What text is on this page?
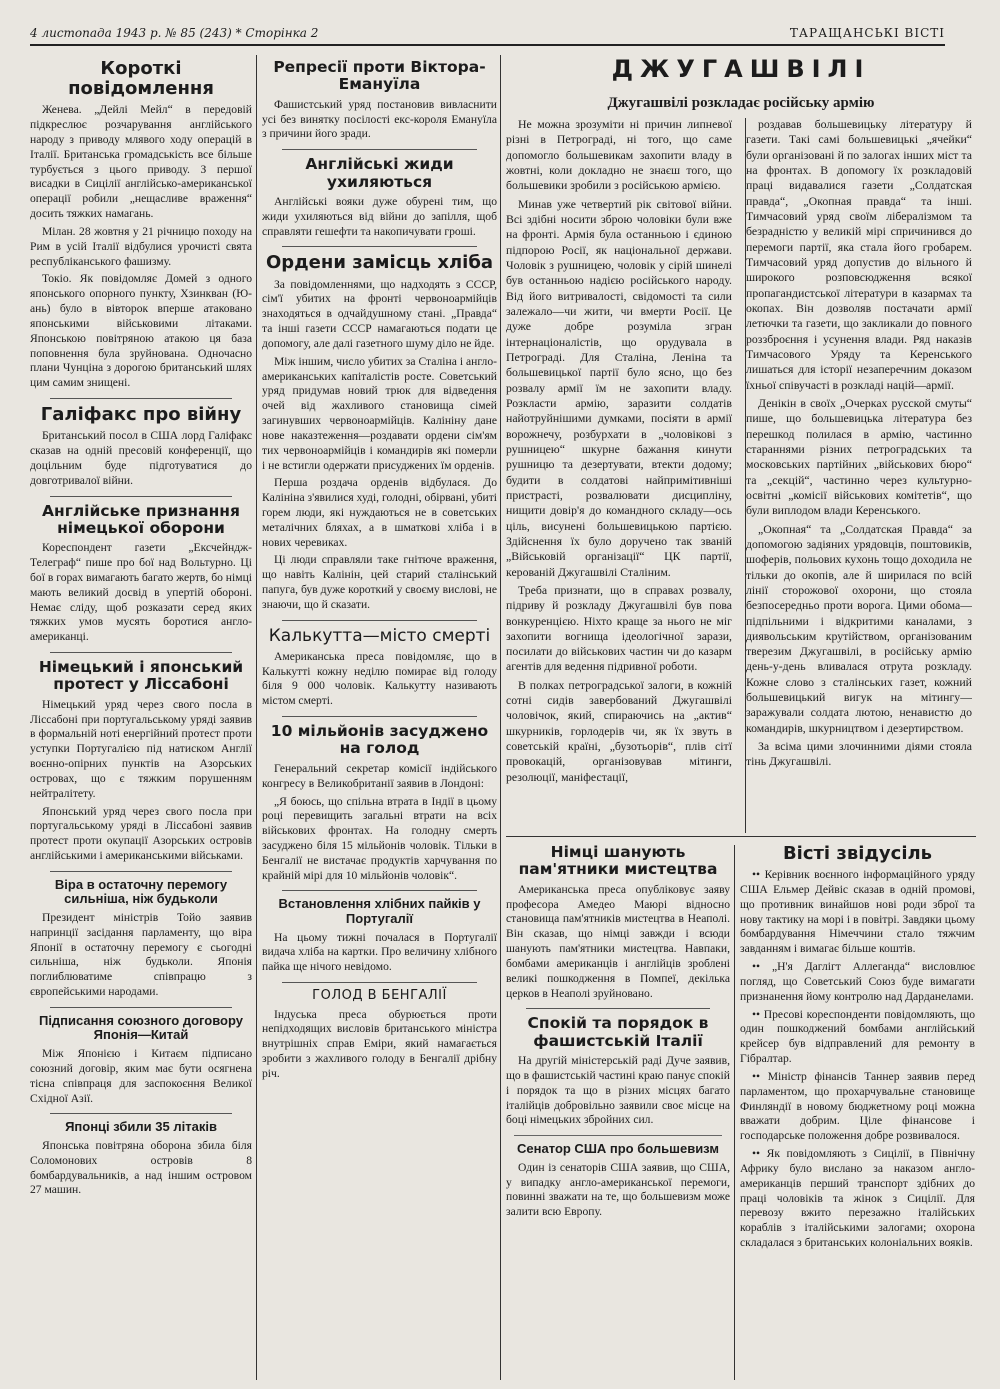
4 листопада 1943 р. № 85 (243) * Сторінка 2	ТАРАЩАНСЬКІ ВІСТІ
Короткі повідомлення

Женева. „Дейлі Мейл“ в передовій підкреслює розчарування англійського народу з приводу млявого ходу операцій в Італії. Британська громадськість все більше турбується з цього приводу. З першої висадки в Сицілії англійсько-американської операції робили „нещасливе враження“ досить тяжких намагань.

Мілан. 28 жовтня у 21 річницю походу на Рим в усій Італії відбулися урочисті свята республіканського фашизму.

Токіо. Як повідомляє Домей з одного японського опорного пункту, Хзинкван (Ю-ань) було в вівторок вперше атаковано японськими військовими літаками. Японською повітряною атакою ця база поповнення була зруйнована. Одночасно плани Чунціна з дорогою британський шлях цим самим знищені.

Галіфакс про війну

Британський посол в США лорд Галіфакс сказав на одній пресовій конференції, що доцільним буде підготуватися до довготривалої війни.

Англійське признання німецької оборони

Кореспондент газети „Ексчейндж-Телеграф“ пише про бої над Вольтурно. Ці бої в горах вимагають багато жертв, бо німці мають великий досвід в упертій обороні. Немає сліду, щоб розказати серед яких тяжких умов мусять боротися англо-американці.

Німецький і японський протест у Ліссабоні

Німецький уряд через свого посла в Ліссабоні при португальському уряді заявив в формальній ноті енергійний протест проти уступки Португалією під натиском Англії воєнно-опірних пунктів на Азорських островах, що є тяжким порушенням нейтралітету.

Японський уряд через свого посла при португальському уряді в Ліссабоні заявив протест проти окупації Азорських островів англійськими і американськими військами.

Віра в остаточну перемогу сильніша, ніж будьколи

Президент міністрів Тойо заявив напринції засідання парламенту, що віра Японії в остаточну перемогу є сьогодні сильніша, ніж будьколи. Японія поглиблюватиме співпрацю з європейськими народами.

Підписання союзного договору Японія—Китай

Між Японією і Китаєм підписано союзний договір, яким має бути осягнена тісна співпраця для заспокоєння Великої Східної Азії.

Японці збили 35 літаків

Японська повітряна оборона збила біля Соломонових островів 8 бомбардувальників, а над іншим островом 27 машин.

Репресії проти Віктора-Емануїла

Фашистський уряд постановив вивласнити усі без винятку посілості екс-короля Емануїла з причини його зради.

Англійські жиди ухиляються

Англійські вояки дуже обурені тим, що жиди ухиляються від війни до запілля, щоб справляти гешефти та накопичувати гроші.

Ордени замісць хліба

За повідомленнями, що надходять з СССР, сім'ї убитих на фронті червоноармійців знаходяться в одчайдушному стані. „Правда“ та інші газети СССР намагаються подати це допомогу, але далі газетного шуму діло не йде.

Між іншим, число убитих за Сталіна і англо-американських капіталістів росте. Советський уряд придумав новий трюк для відведення очей від жахливого становища сімей загинувших червоноармійців. Калініну дане нове наказтеження—роздавати ордени сім'ям тих червоноармійців і командирів які померли і не встигли одержати присуджених їм орденів.

Перша роздача орденів відбулася. До Калініна з'явилися худі, голодні, обірвані, убиті горем люди, які нуждаються не в советських металічних бляхах, а в шматкові хліба і в нових черевиках.

Ці люди справляли таке гнітюче враження, що навіть Калінін, цей старий сталінський папуга, був дуже короткий у своєму вислові, не знаючи, що й сказати.

Калькутта—місто смерті

Американська преса повідомляє, що в Калькутті кожну неділю помирає від голоду біля 9 000 чоловік. Калькутту називають містом смерті.

10 мільйонів засуджено на голод

Генеральний секретар комісії індійського конгресу в Великобританії заявив в Лондоні:

„Я боюсь, що спільна втрата в Індії в цьому році перевищить загальні втрати на всіх військових фронтах. На голодну смерть засуджено біля 15 мільйонів чоловік. Тільки в Бенгалії не вистачає продуктів харчування по крайній мірі для 10 мільйонів чоловік“.

Встановлення хлібних пайків у Португалії

На цьому тижні почалася в Португалії видача хліба на картки. Про величину хлібного пайка ще нічого невідомо.

ГОЛОД В БЕНГАЛІЇ

Індуська преса обурюється проти непідходящих висловів британського міністра внутрішніх справ Еміри, який намагається зробити з жахливого голоду в Бенгалії дрібну річ.

ДЖУГАШВІЛІ
Джугашвілі розкладає російську армію

Не можна зрозуміти ні причин липневої різні в Петрограді, ні того, що саме допомогло большевикам захопити владу в жовтні, коли докладно не знаєш того, що большевики зробили з російською армією.

Минав уже четвертий рік світової війни. Всі здібні носити зброю чоловіки були вже на фронті. Армія була останньою і єдиною підпорою Росії, як національної держави. Чоловік з рушницею, чоловік у сірій шинелі був останньою надією російського народу. Від його витривалості, свідомості та сили залежало—чи жити, чи вмерти Росії. Це дуже добре розуміла згран інтернаціоналістів, що орудувала в Петрограді. Для Сталіна, Леніна та большевицької партії було ясно, що без розвалу армії їм не захопити владу. Розкласти армію, заразити солдатів найотруйнішими думками, посіяти в армії ворожнечу, розбурхати в „чоловікові з рушницею“ шкурне бажання кинути рушницю та дезертувати, втекти додому; будити в солдатові найпримітивніші пристрасті, розвалювати дисципліну, нищити довір'я до командного складу—ось ціль, висунені большевицькою партією. Здійснення їх було доручено так званій „Військовій організації“ ЦК партії, керованій Джугашвілі Сталіним.

Треба признати, що в справах розвалу, підриву й розкладу Джугашвілі був пова вонкуренцією. Ніхто краще за нього не міг захопити вогнища ідеологічної зарази, посилати до військових частин чи до казарм агентів для ведення підривної роботи.

В полках петроградської залоги, в кожній сотні сидів завербований Джугашвілі чоловічок, який, спираючись на „актив“ шкурників, горлодерів чи, як їх звуть в советській країні, „бузотьорів“, плів сітї провокацій, організовував мітинги, резолюції, маніфестації,

роздавав большевицьку літературу й газети. Такі самі большевицькі „ячейки“ були організовані й по залогах інших міст та на фронтах. В допомогу їх розкладовій праці видавалися газети „Солдатская правда“, „Окопная правда“ та інші. Тимчасовий уряд своїм лібералізмом та безрадністю у великій мірі спричинився до перемоги партії, яка стала його гробарем. Тимчасовий уряд допустив до вільного й широкого розповсюдження всякої пропагандистської літератури в казармах та окопах. Він дозволяв постачати армії летючки та газети, що закликали до повного роззброєння і усунення влади. Ряд наказів Тимчасового Уряду та Керенського лишаться для історії незаперечним доказом їхньої співучасті в розкладі націй—армії.

Денікін в своїх „Очерках русской смуты“ пише, що большевицька література без перешкод полилася в армію, частинно стараннями різних петроградських та московських партійних „військових бюро“ та „секцій“, частинно через культурно-освітні „комісії військових комітетів“, що були виплодом влади Керенського.

„Окопная“ та „Солдатская Правда“ за допомогою задіяних урядовців, поштовиків, шоферів, польових кухонь тощо доходила не тільки до окопів, але й ширилася по всій лінії сторожової охорони, що стояла безпосередньо проти ворога. Цими обома—підпільними і відкритими каналами, з диявольським крутійством, організованим тверезим Джугашвілі, в російську армію день-у-день вливалася отрута розкладу. Кожне слово з сталінських газет, кожний большевицький вигук на мітингу—заражували солдата лютою, ненавистю до командирів, шкурництвом і дезертирством.

За всіма цими злочинними діями стояла тінь Джугашвілі.

Німці шанують пам'ятники мистецтва

Американська преса опубліковує заяву професора Амедео Маюрі відносно становища пам'ятників мистецтва в Неаполі. Він сказав, що німці завжди і всюди шанують пам'ятники мистецтва. Навпаки, бомбами американців і англійців зроблені великі пошкодження в Помпеї, декілька церков в Неаполі зруйновано.

Спокій та порядок в фашистській Італії

На другій міністерській раді Дуче заявив, що в фашистській частині краю панує спокій і порядок та що в різних місцях багато італійців добровільно заявили своє місце на боці німецьких збройних сил.

Сенатор США про большевизм

Один із сенаторів США заявив, що США, у випадку англо-американської перемоги, повинні зважати на те, що большевизм може залити всю Европу.

Вісті звідусіль

•• Керівник воєнного інформаційного уряду США Ельмер Дейвіс сказав в одній промові, що противник винайшов нові роди зброї та нову тактику на морі і в повітрі. Завдяки цьому бомбардування Німеччини стало тяжчим завданням і вимагає більше коштів.

•• „Н'я Даглігт Аллеганда“ висловлює погляд, що Советський Союз буде вимагати признанення йому контролю над Дарданелами.

•• Пресові кореспонденти повідомляють, що один пошкоджений бомбами англійський крейсер був відправлений для ремонту в Гібралтар.

•• Міністр фінансів Таннер заявив перед парламентом, що прохарчувальне становище Финляндії в новому бюджетному році можна вважати добрим. Ціле фінансове і господарське положення добре розвивалося.

•• Як повідомляють з Сицілії, в Північну Африку було вислано за наказом англо-американців перший транспорт здібних до праці чоловіків та жінок з Сицілії. Для перевозу вжито перезажно італійських кораблів з італійськими залогами; охорона складалася з британських колоніальних вояків.
